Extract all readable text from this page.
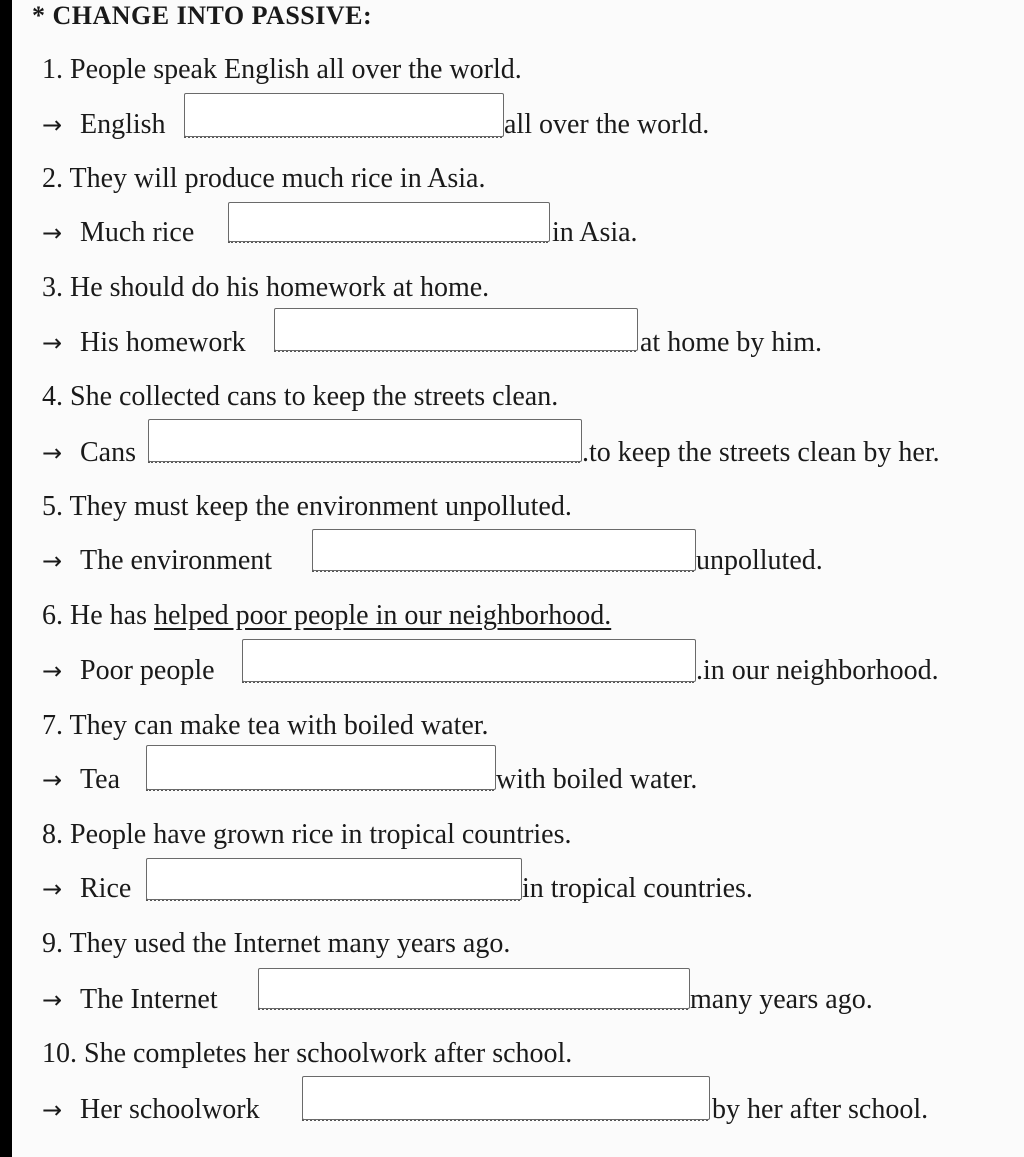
* CHANGE INTO PASSIVE:
1. People speak English all over the world.
→ English	all over the world.
2. They will produce much rice in Asia.
→ Much rice	in Asia.
3. He should do his homework at home.
→ His homework	at home by him.
4. She collected cans to keep the streets clean.
→ Cans	.to keep the streets clean by her.
5. They must keep the environment unpolluted.
→ The environment	unpolluted.
6. He has helped poor people in our neighborhood.
→ Poor people	.in our neighborhood.
7. They can make tea with boiled water.
→ Tea	with boiled water.
8. People have grown rice in tropical countries.
→ Rice	in tropical countries.
9. They used the Internet many years ago.
→ The Internet	many years ago.
10. She completes her schoolwork after school.
→ Her schoolwork	by her after school.
